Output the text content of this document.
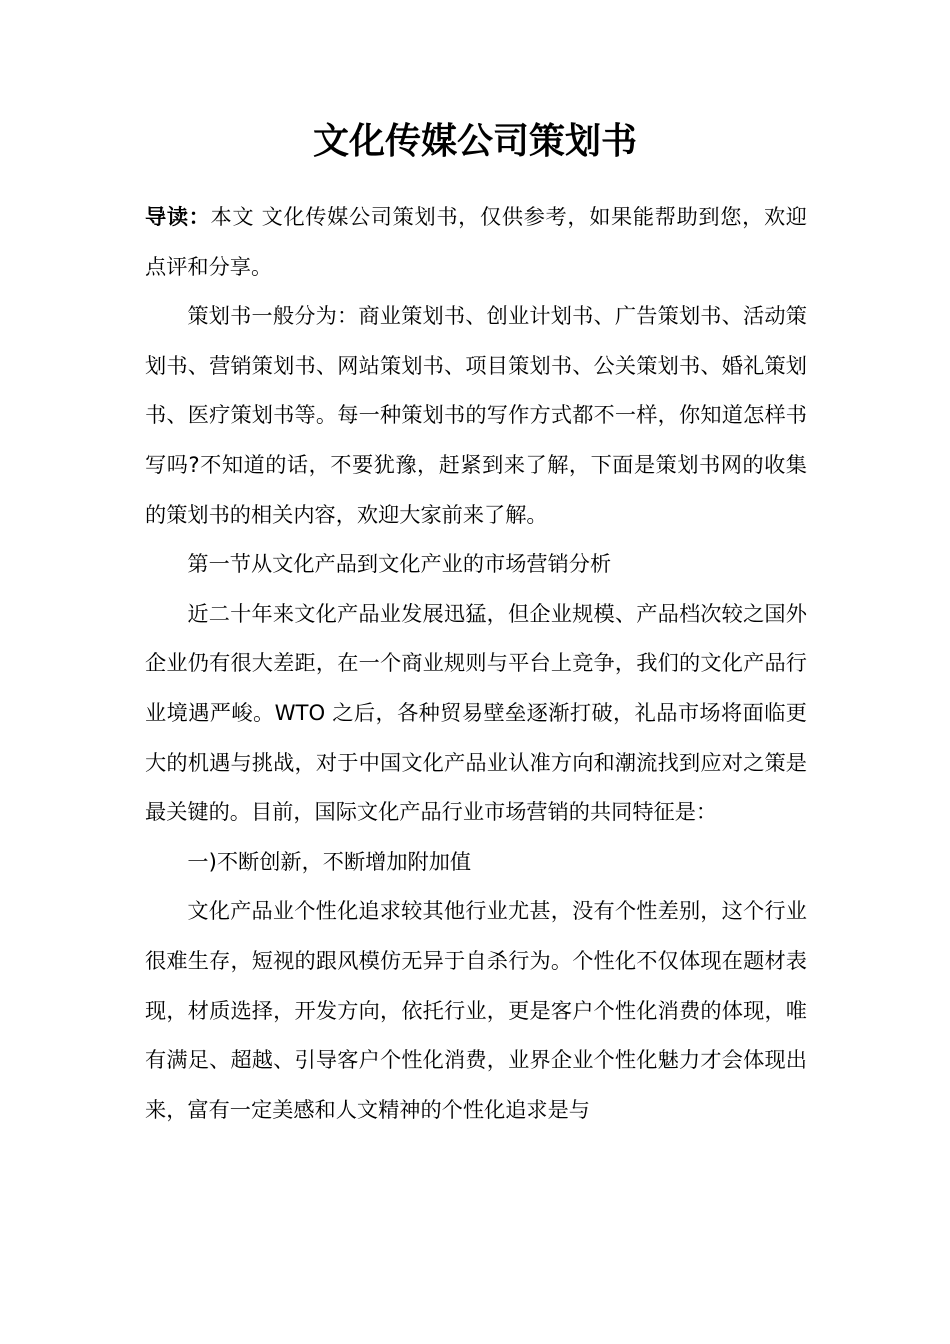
文化传媒公司策划书

导读：本文 文化传媒公司策划书，仅供参考，如果能帮助到您，欢迎点评和分享。

策划书一般分为：商业策划书、创业计划书、广告策划书、活动策划书、营销策划书、网站策划书、项目策划书、公关策划书、婚礼策划书、医疗策划书等。每一种策划书的写作方式都不一样，你知道怎样书写吗?不知道的话，不要犹豫，赶紧到来了解，下面是策划书网的收集的策划书的相关内容，欢迎大家前来了解。

第一节从文化产品到文化产业的市场营销分析

近二十年来文化产品业发展迅猛，但企业规模、产品档次较之国外企业仍有很大差距，在一个商业规则与平台上竞争，我们的文化产品行业境遇严峻。WTO 之后，各种贸易壁垒逐渐打破，礼品市场将面临更大的机遇与挑战，对于中国文化产品业认准方向和潮流找到应对之策是最关键的。目前，国际文化产品行业市场营销的共同特征是：

一)不断创新，不断增加附加值

文化产品业个性化追求较其他行业尤甚，没有个性差别，这个行业很难生存，短视的跟风模仿无异于自杀行为。个性化不仅体现在题材表现，材质选择，开发方向，依托行业，更是客户个性化消费的体现，唯有满足、超越、引导客户个性化消费，业界企业个性化魅力才会体现出来，富有一定美感和人文精神的个性化追求是与
